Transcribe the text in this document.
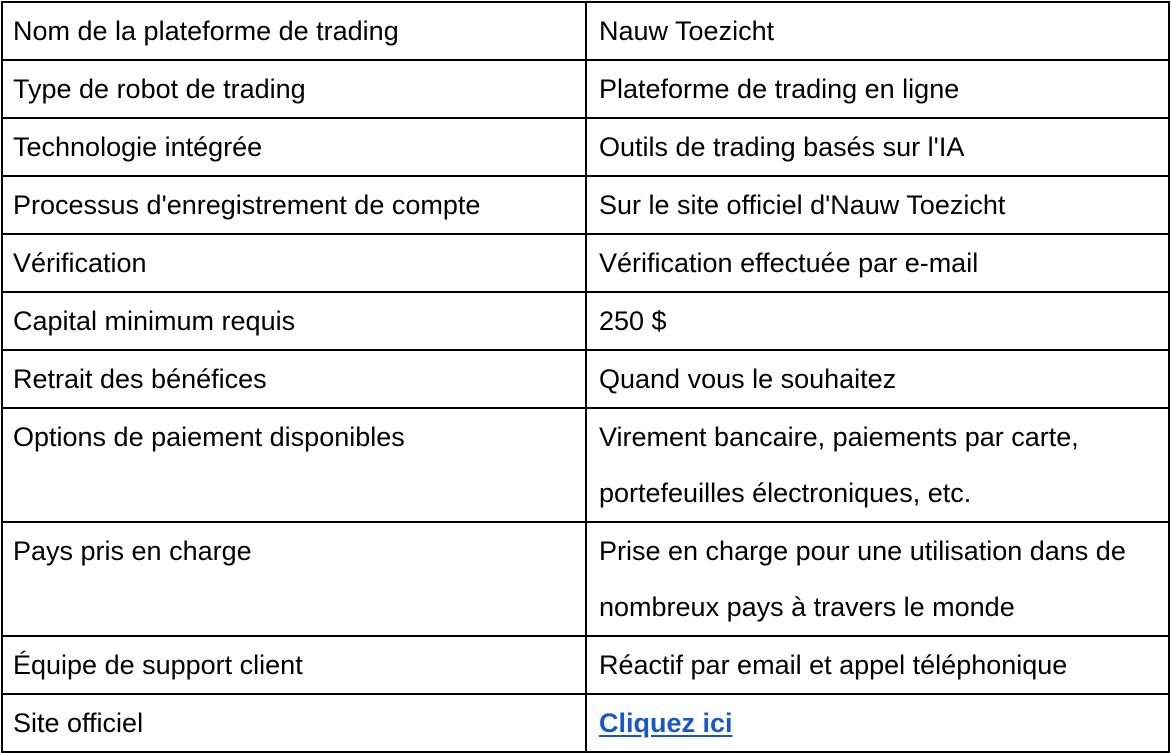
Nom de la plateforme de trading	Nauw Toezicht
Type de robot de trading	Plateforme de trading en ligne
Technologie intégrée	Outils de trading basés sur l'IA
Processus d'enregistrement de compte	Sur le site officiel d'Nauw Toezicht
Vérification	Vérification effectuée par e-mail
Capital minimum requis	250 $
Retrait des bénéfices	Quand vous le souhaitez
Options de paiement disponibles	Virement bancaire, paiements par carte, portefeuilles électroniques, etc.
Pays pris en charge	Prise en charge pour une utilisation dans de nombreux pays à travers le monde
Équipe de support client	Réactif par email et appel téléphonique
Site officiel	Cliquez ici
